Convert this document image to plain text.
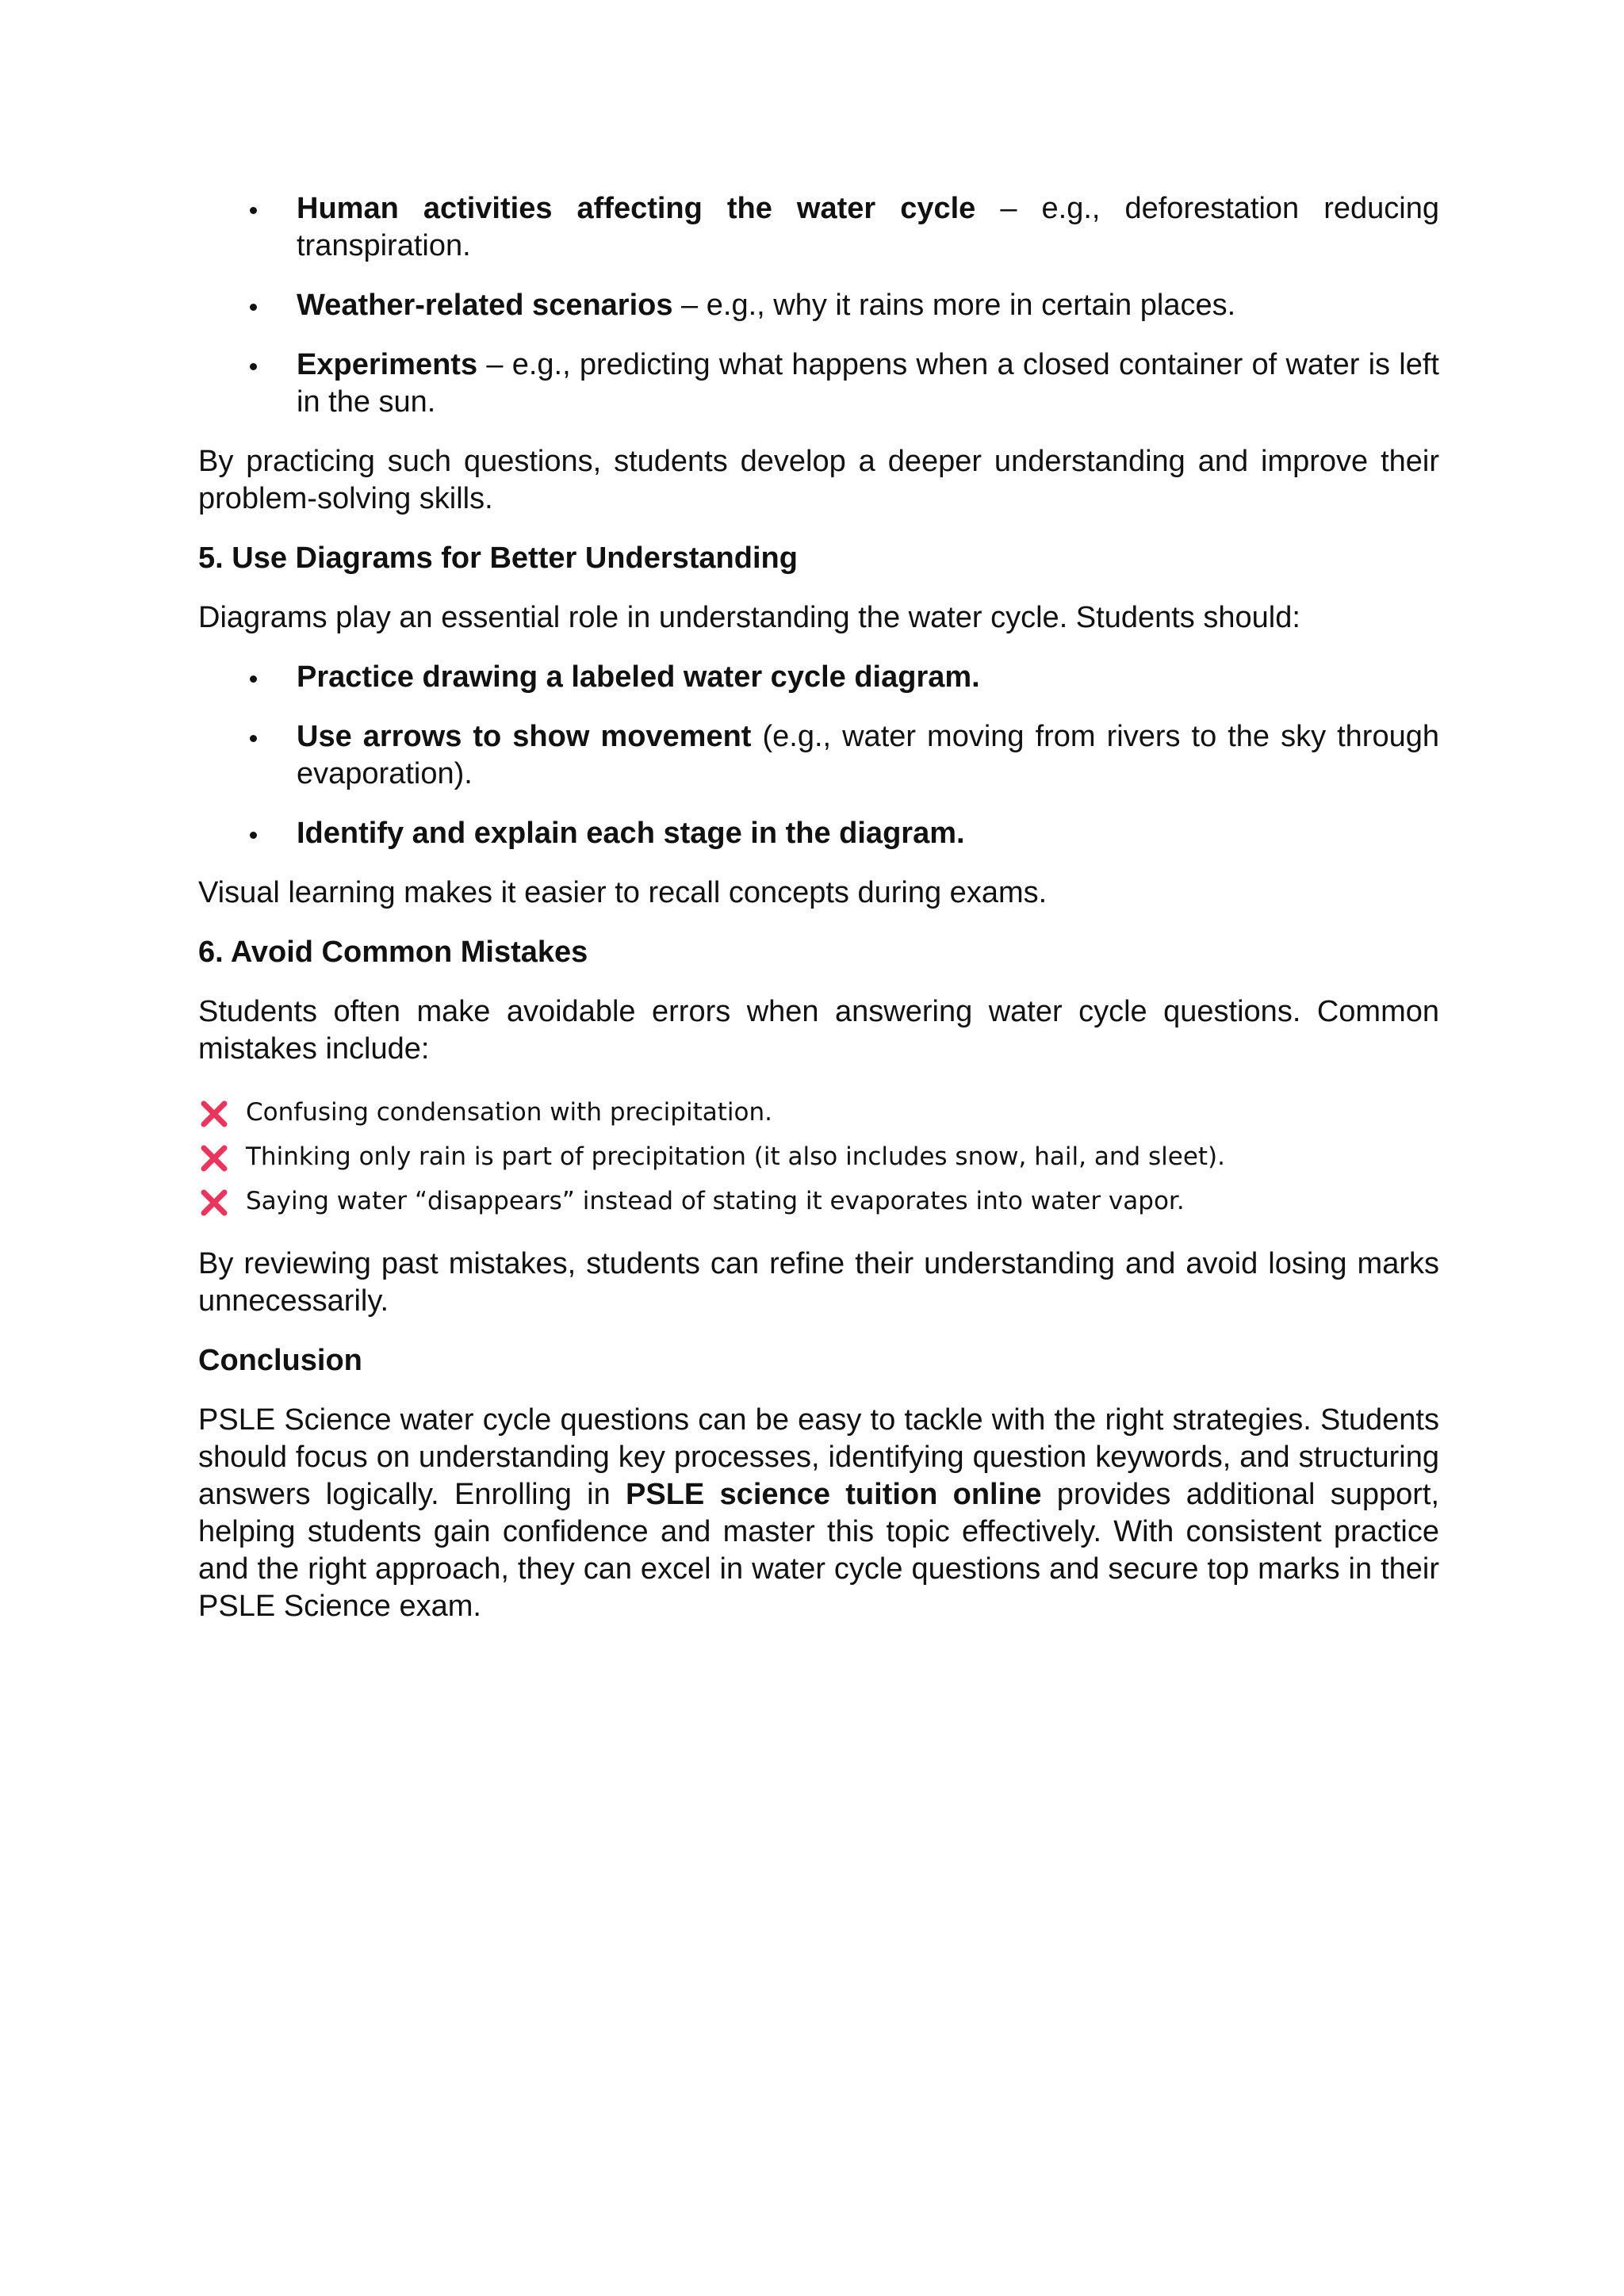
Human activities affecting the water cycle – e.g., deforestation reducing transpiration.
Weather-related scenarios – e.g., why it rains more in certain places.
Experiments – e.g., predicting what happens when a closed container of water is left in the sun.

By practicing such questions, students develop a deeper understanding and improve their problem-solving skills.

5. Use Diagrams for Better Understanding

Diagrams play an essential role in understanding the water cycle. Students should:

Practice drawing a labeled water cycle diagram.
Use arrows to show movement (e.g., water moving from rivers to the sky through evaporation).
Identify and explain each stage in the diagram.

Visual learning makes it easier to recall concepts during exams.

6. Avoid Common Mistakes

Students often make avoidable errors when answering water cycle questions. Common mistakes include:

Confusing condensation with precipitation.
Thinking only rain is part of precipitation (it also includes snow, hail, and sleet).
Saying water “disappears” instead of stating it evaporates into water vapor.

By reviewing past mistakes, students can refine their understanding and avoid losing marks unnecessarily.

Conclusion

PSLE Science water cycle questions can be easy to tackle with the right strategies. Students should focus on understanding key processes, identifying question keywords, and structuring answers logically. Enrolling in PSLE science tuition online provides additional support, helping students gain confidence and master this topic effectively. With consistent practice and the right approach, they can excel in water cycle questions and secure top marks in their PSLE Science exam.
